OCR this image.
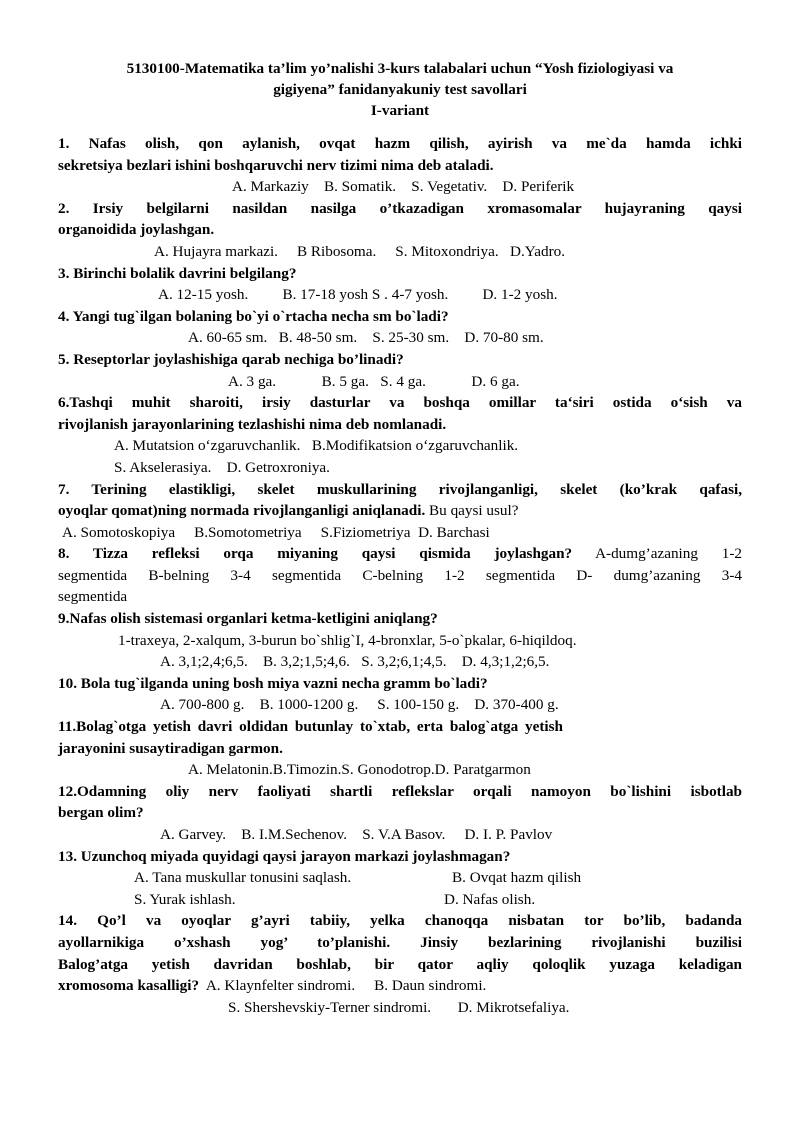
5130100-Matematika ta’lim yo’nalishi 3-kurs talabalari uchun “Yosh fiziologiyasi va
gigiyena” fanidanyakuniy test savollari
I-variant
1. Nafas olish, qon aylanish, ovqat hazm qilish, ayirish va me`da hamda ichki
sekretsiya bezlari ishini boshqaruvchi nerv tizimi nima deb ataladi.
A. Markaziy B. Somatik. S. Vegetativ. D. Periferik
2. Irsiy belgilarni nasildan nasilga o’tkazadigan xromasomalar hujayraning qaysi
organoidida joylashgan.
A. Hujayra markazi. B Ribosoma. S. Mitoxondriya. D.Yadro.
3. Birinchi bolalik davrini belgilang?
A. 12-15 yosh. B. 17-18 yosh S . 4-7 yosh. D. 1-2 yosh.
4. Yangi tug`ilgan bolaning bo`yi o`rtacha necha sm bo`ladi?
A. 60-65 sm. B. 48-50 sm. S. 25-30 sm. D. 70-80 sm.
5. Reseptorlar joylashishiga qarab nechiga bo’linadi?
A. 3 ga.	B. 5 ga. S. 4 ga.	D. 6 ga.
6.Tashqi muhit sharoiti, irsiy dasturlar va boshqa omillar ta‘siri ostida o‘sish va
rivojlanish jarayonlarining tezlashishi nima deb nomlanadi.
A. Mutatsion o‘zgaruvchanlik. B.Modifikatsion o‘zgaruvchanlik.
S. Akselerasiya. D. Getroxroniya.
7. Terining elastikligi, skelet muskullarining rivojlanganligi, skelet (ko’krak qafasi,
oyoqlar qomat)ning normada rivojlanganligi aniqlanadi. Bu qaysi usul?
A. Somotoskopiya B.Somotometriya S.Fiziometriya D. Barchasi
8. Tizza refleksi orqa miyaning qaysi qismida joylashgan? A-dumg’azaning 1-2
segmentida B-belning 3-4 segmentida C-belning 1-2 segmentida D- dumg’azaning 3-4
segmentida
9.Nafas olish sistemasi organlari ketma-ketligini aniqlang?
1-traxeya, 2-xalqum, 3-burun bo`shlig`I, 4-bronxlar, 5-o`pkalar, 6-hiqildoq.
A. 3,1;2,4;6,5. B. 3,2;1,5;4,6. S. 3,2;6,1;4,5. D. 4,3;1,2;6,5.
10. Bola tug`ilganda uning bosh miya vazni necha gramm bo`ladi?
A. 700-800 g. B. 1000-1200 g. S. 100-150 g. D. 370-400 g.
11.Bolag`otga yetish davri oldidan butunlay to`xtab, erta balog`atga yetish
jarayonini susaytiradigan garmon.
A. Melatonin.B.Timozin.S. Gonodotrop.D. Paratgarmon
12.Odamning oliy nerv faoliyati shartli reflekslar orqali namoyon bo`lishini isbotlab
bergan olim?
A. Garvey. B. I.M.Sechenov. S. V.A Basov. D. I. P. Pavlov
13. Uzunchoq miyada quyidagi qaysi jarayon markazi joylashmagan?
A. Tana muskullar tonusini saqlash.	B. Ovqat hazm qilish
S. Yurak ishlash.	D. Nafas olish.
14. Qo’l va oyoqlar g’ayri tabiiy, yelka chanoqqa nisbatan tor bo’lib, badanda
ayollarnikiga o’xshash yog’ to’planishi. Jinsiy bezlarining rivojlanishi buzilisi
Balog’atga yetish davridan boshlab, bir qator aqliy qoloqlik yuzaga keladigan
xromosoma kasalligi? A. Klaynfelter sindromi. B. Daun sindromi.
S. Shershevskiy-Terner sindromi. D. Mikrotsefaliya.
